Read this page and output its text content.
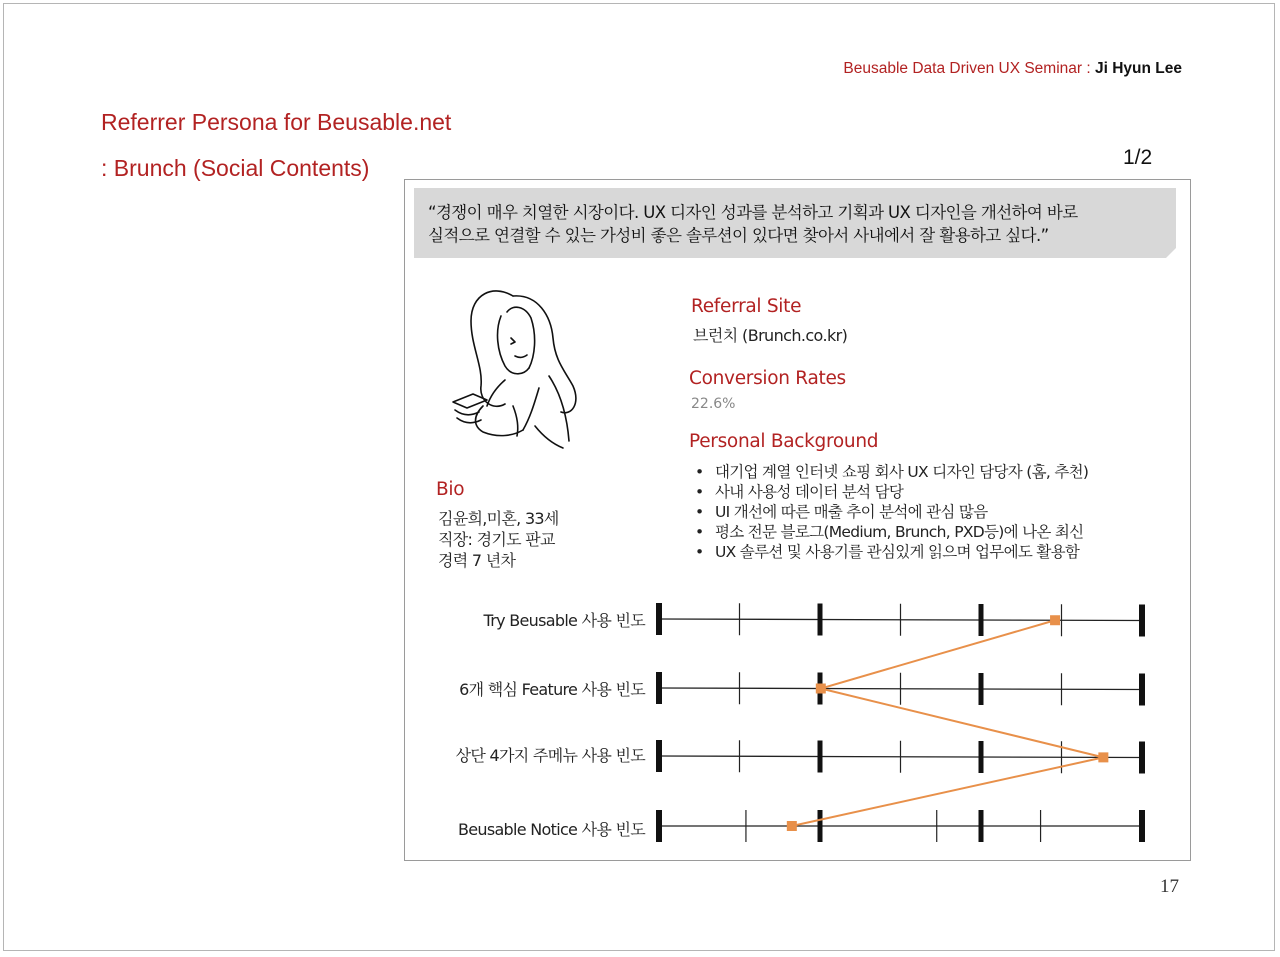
Beusable Data Driven UX Seminar : Ji Hyun Lee
Referrer Persona for Beusable.net
: Brunch (Social Contents)	1/2
17
“경쟁이 매우 치열한 시장이다. UX 디자인 성과를 분석하고 기획과 UX 디자인을 개선하여 바로
실적으로 연결할 수 있는 가성비 좋은 솔루션이 있다면 찾아서 사내에서 잘 활용하고 싶다.”
Referral Site
브런치 (Brunch.co.kr)
Conversion Rates
22.6%
Personal Background
• 대기업 계열 인터넷 쇼핑 회사 UX 디자인 담당자 (홈, 추천)
• 사내 사용성 데이터 분석 담당
• UI 개선에 따른 매출 추이 분석에 관심 많음
• 평소 전문 블로그(Medium, Brunch, PXD등)에 나온 최신
• UX 솔루션 및 사용기를 관심있게 읽으며 업무에도 활용함
Bio
김윤희,미혼, 33세
직장: 경기도 판교
경력 7 년차
Try Beusable 사용 빈도
6개 핵심 Feature 사용 빈도
상단 4가지 주메뉴 사용 빈도
Beusable Notice 사용 빈도
